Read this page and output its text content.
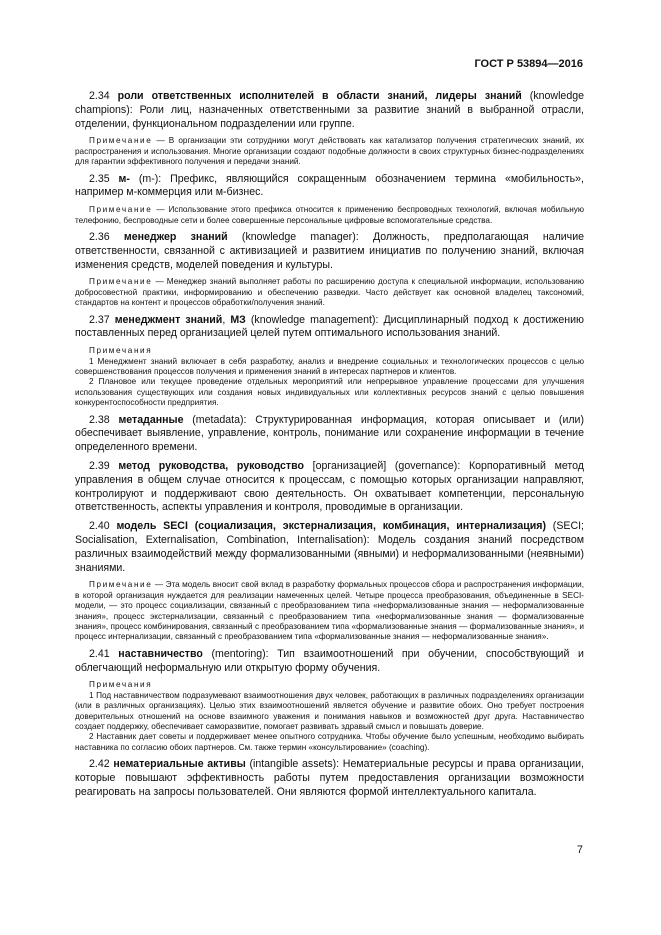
ГОСТ Р 53894—2016

2.34 роли ответственных исполнителей в области знаний, лидеры знаний (knowledge champions): Роли лиц, назначенных ответственными за развитие знаний в выбранной отрасли, отделении, функциональном подразделении или группе.

Примечание — В организации эти сотрудники могут действовать как катализатор получения стратегических знаний, их распространения и использования. Многие организации создают подобные должности в своих структурных бизнес-подразделениях для гарантии эффективного получения и передачи знаний.

2.35 м- (m-): Префикс, являющийся сокращенным обозначением термина «мобильность», например м-коммерция или м-бизнес.

Примечание — Использование этого префикса относится к применению беспроводных технологий, включая мобильную телефонию, беспроводные сети и более совершенные персональные цифровые вспомогательные средства.

2.36 менеджер знаний (knowledge manager): Должность, предполагающая наличие ответственности, связанной с активизацией и развитием инициатив по получению знаний, включая изменения средств, моделей поведения и культуры.

Примечание — Менеджер знаний выполняет работы по расширению доступа к специальной информации, использованию добросовестной практики, информированию и обеспечению разведки. Часто действует как основной владелец таксономий, стандартов на контент и процессов обработки/получения знаний.

2.37 менеджмент знаний, МЗ (knowledge management): Дисциплинарный подход к достижению поставленных перед организацией целей путем оптимального использования знаний.

Примечания

1 Менеджмент знаний включает в себя разработку, анализ и внедрение социальных и технологических процессов с целью совершенствования процессов получения и применения знаний в интересах партнеров и клиентов.

2 Плановое или текущее проведение отдельных мероприятий или непрерывное управление процессами для улучшения использования существующих или создания новых индивидуальных или коллективных ресурсов знаний с целью повышения конкурентоспособности предприятия.

2.38 метаданные (metadata): Структурированная информация, которая описывает и (или) обеспечивает выявление, управление, контроль, понимание или сохранение информации в течение определенного времени.

2.39 метод руководства, руководство [организацией] (governance): Корпоративный метод управления в общем случае относится к процессам, с помощью которых организации направляют, контролируют и поддерживают свою деятельность. Он охватывает компетенции, персональную ответственность, аспекты управления и контроля, проводимые в организации.

2.40 модель SECI (социализация, экстернализация, комбинация, интернализация) (SECI; Socialisation, Externalisation, Combination, Internalisation): Модель создания знаний посредством различных взаимодействий между формализованными (явными) и неформализованными (неявными) знаниями.

Примечание — Эта модель вносит свой вклад в разработку формальных процессов сбора и распространения информации, в которой организация нуждается для реализации намеченных целей. Четыре процесса преобразования, объединенные в SECI-модели, — это процесс социализации, связанный с преобразованием типа «неформализованные знания — неформализованные знания», процесс экстернализации, связанный с преобразованием типа «неформализованные знания — формализованные знания», процесс комбинирования, связанный с преобразованием типа «формализованные знания — формализованные знания», и процесс интернализации, связанный с преобразованием типа «формализованные знания — неформализованные знания».

2.41 наставничество (mentoring): Тип взаимоотношений при обучении, способствующий и облегчающий неформальную или открытую форму обучения.

Примечания

1 Под наставничеством подразумевают взаимоотношения двух человек, работающих в различных подразделениях организации (или в различных организациях). Целью этих взаимоотношений является обучение и развитие обоих. Оно требует построения доверительных отношений на основе взаимного уважения и понимания навыков и возможностей друг друга. Наставничество создает поддержку, обеспечивает саморазвитие, помогает развивать здравый смысл и повышать доверие.

2 Наставник дает советы и поддерживает менее опытного сотрудника. Чтобы обучение было успешным, необходимо выбирать наставника по согласию обоих партнеров. См. также термин «консультирование» (coaching).

2.42 нематериальные активы (intangible assets): Нематериальные ресурсы и права организации, которые повышают эффективность работы путем предоставления организации возможности реагировать на запросы пользователей. Они являются формой интеллектуального капитала.

7
